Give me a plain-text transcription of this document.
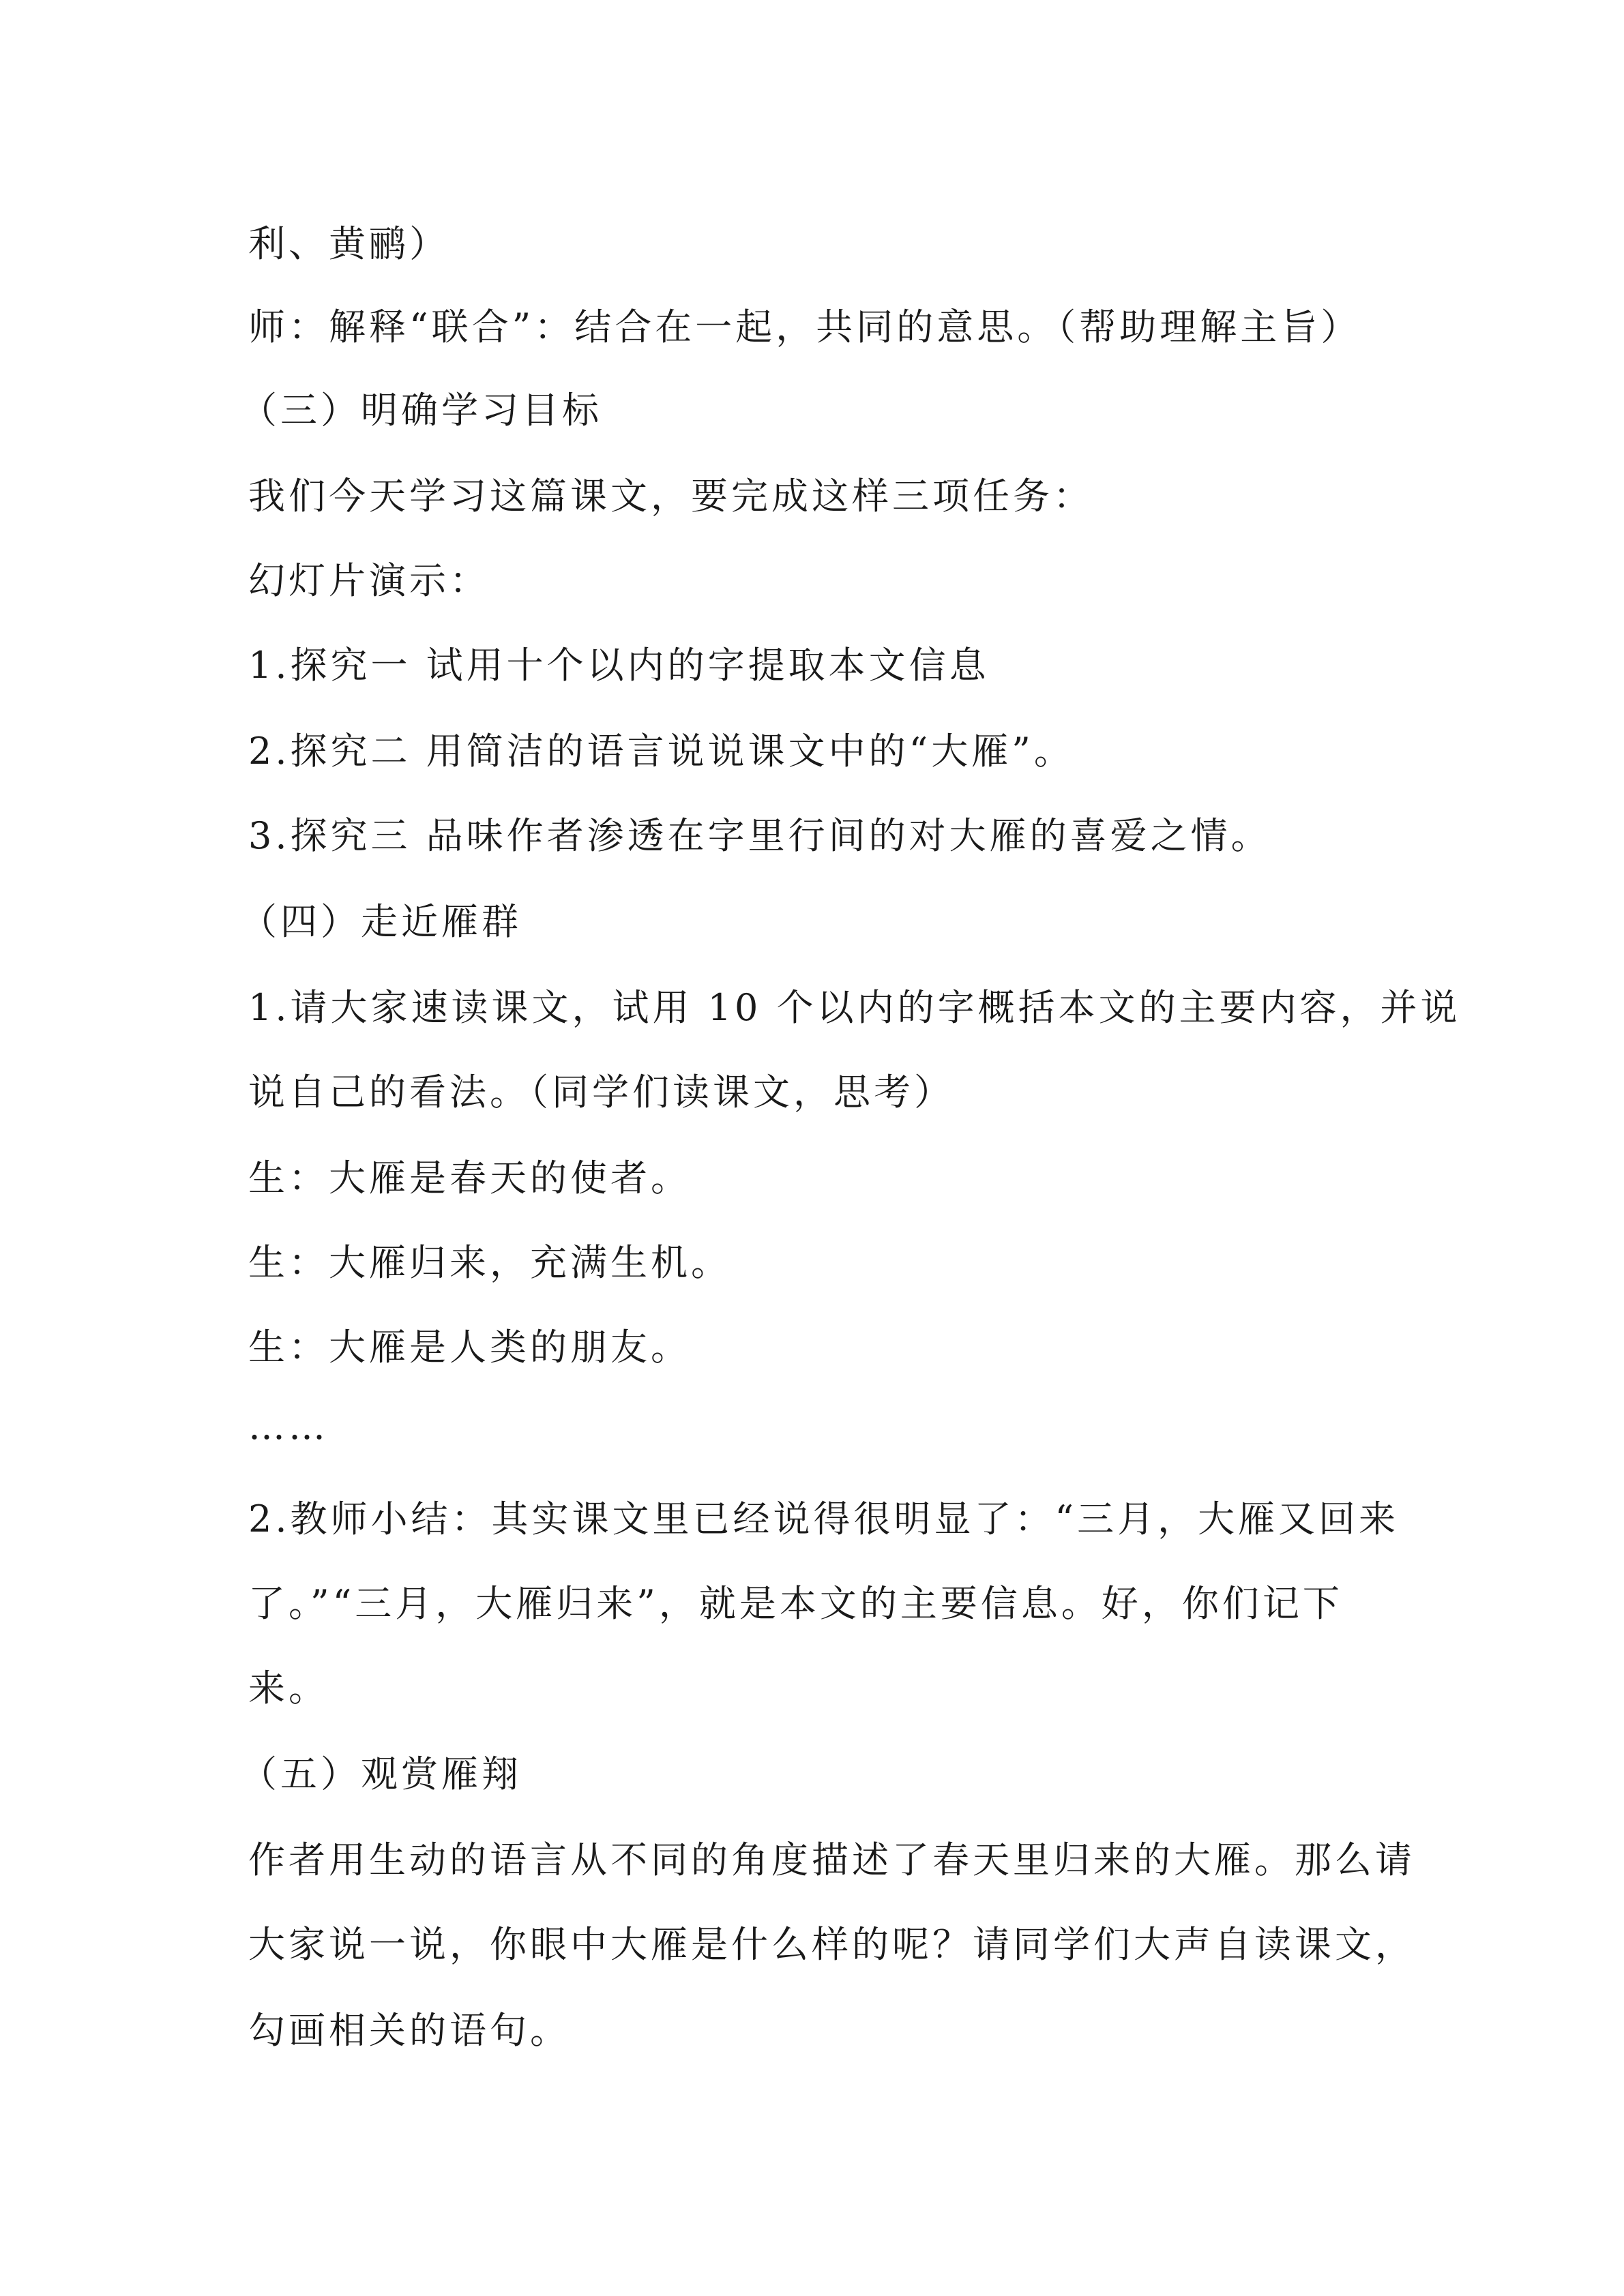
利、黄鹂）
师：解释“联合”：结合在一起，共同的意思。（帮助理解主旨）
（三）明确学习目标
我们今天学习这篇课文，要完成这样三项任务：
幻灯片演示：
1.探究一 试用十个以内的字提取本文信息
2.探究二 用简洁的语言说说课文中的“大雁”。
3.探究三 品味作者渗透在字里行间的对大雁的喜爱之情。
（四）走近雁群
1.请大家速读课文，试用 10 个以内的字概括本文的主要内容，并说
说自己的看法。（同学们读课文，思考）
生：大雁是春天的使者。
生：大雁归来，充满生机。
生：大雁是人类的朋友。
……
2.教师小结：其实课文里已经说得很明显了：“三月，大雁又回来
了。”“三月，大雁归来”，就是本文的主要信息。好，你们记下
来。
（五）观赏雁翔
作者用生动的语言从不同的角度描述了春天里归来的大雁。那么请
大家说一说，你眼中大雁是什么样的呢？请同学们大声自读课文，
勾画相关的语句。
